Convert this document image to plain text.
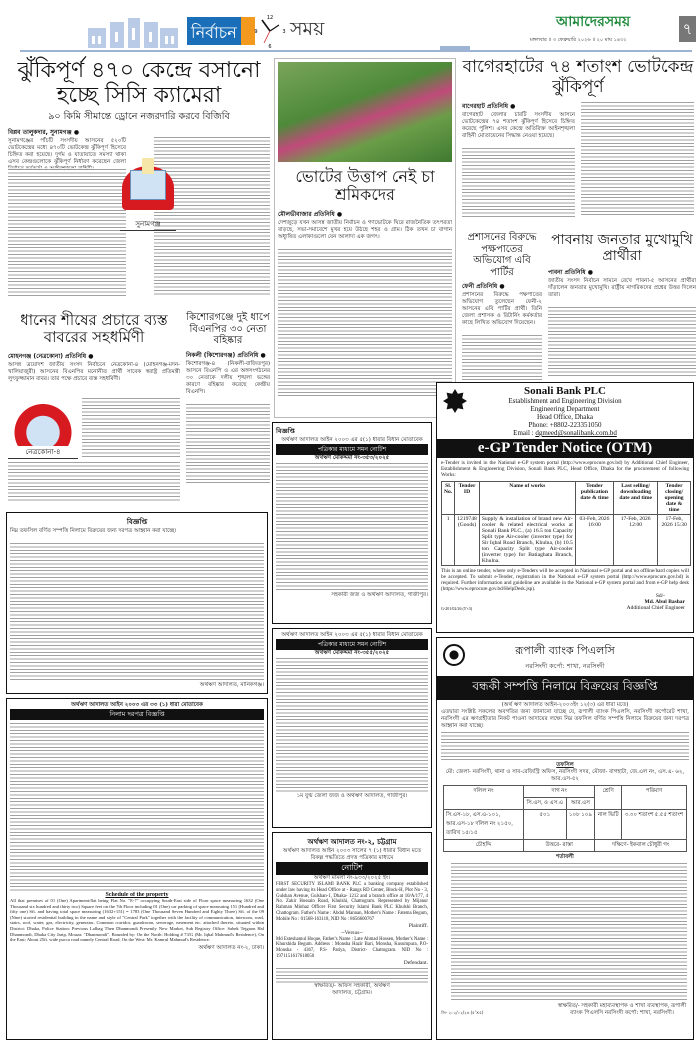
নির্বাচন
12
3
6
9 সময়	আমাদেরসময়	৭
মঙ্গলবার ॥ ৩ ফেব্রুয়ারি ২০২৬ ॥ ২০ মাঘ ১৪৩২
ঝুঁকিপূর্ণ ৪৭০ কেন্দ্রে বসানো হচ্ছে সিসি ক্যামেরা
৯০ কিমি সীমান্তে ড্রোনে নজরদারি করবে বিজিবি
বিপ্লব তালুকদার, সুনামগঞ্জ ●
সুনামগঞ্জের পাঁচটি সংসদীয় আসনের ৫২০টি ভোটকেন্দ্রের মধ্যে ৪৭০টি ভোটকেন্দ্র ঝুঁকিপূর্ণ হিসেবে চিহ্নিত করা হয়েছে। দুর্গম ও যাতায়াতে সমস্যা থাকা এসব কেন্দ্রগুলোকে ঝুঁকিপূর্ণ নির্ধারণ করেছেন জেলা
সুনামগঞ্জ
ভোটের উত্তাপ নেই চা শ্রমিকদের
মৌলভীবাজার প্রতিনিধি ●
দেশজুড়ে যখন আসন্ন জাতীয় নির্বাচন ও গণভোটকে ঘিরে রাজনৈতিক তৎপরতা বাড়ছে, সভা-সমাবেশে মুখর হয়ে উঠছে শহর ও গ্রাম। ঠিক তখন চা বাগান অধ্যুষিত এলাকাগুলো যেন আলাদা এক জগৎ।
বাগেরহাটের ৭৪ শতাংশ ভোটকেন্দ্র ঝুঁকিপূর্ণ
বাগেরহাট প্রতিনিধি ●
বাগেরহাট জেলার চারটি সংসদীয় আসনে ভোটকেন্দ্রের ৭৪ শতাংশ ঝুঁকিপূর্ণ হিসেবে চিহ্নিত করেছে পুলিশ। এসব কেন্দ্রে অতিরিক্ত আইনশৃঙ্খলা বাহিনী মোতায়েনের সিদ্ধান্ত নেওয়া হয়েছে।
প্রশাসনের বিরুদ্ধে পক্ষপাতের অভিযোগ এবি পার্টির
ফেনী প্রতিনিধি ●
প্রশাসনের বিরুদ্ধে পক্ষপাতের অভিযোগ তুলেছেন ফেনী-২ আসনের এবি পার্টির প্রার্থী। তিনি জেলা প্রশাসক ও রিটার্নিং কর্মকর্তার কাছে লিখিত অভিযোগ দিয়েছেন।
পাবনায় জনতার মুখোমুখি প্রার্থীরা
পাবনা প্রতিনিধি ●
জাতীয় সংসদ নির্বাচন সামনে রেখে পাবনা-৫ আসনের প্রার্থীরা দাঁড়ালেন জনতার মুখোমুখি। রাষ্ট্রীয় নাগরিকদের প্রশ্নের উত্তর দিলেন তারা।
ধানের শীষের প্রচারে ব্যস্ত বাবরের সহধর্মিণী
মোহনগঞ্জ (নেত্রকোনা) প্রতিনিধি ●
আসন্ন ত্রয়োদশ জাতীয় সংসদ নির্বাচনে নেত্রকোনা-৪ (মোহনগঞ্জ-মদন-খালিয়াজুরী) আসনের বিএনপির মনোনীত প্রার্থী সাবেক স্বরাষ্ট্র প্রতিমন্ত্রী লুৎফুজ্জামান বাবর। তার পক্ষে প্রচারে ব্যস্ত সহধর্মিণী।
নেত্রকোনা-৪
কিশোরগঞ্জে দুই ধাপে বিএনপির ৩০ নেতা বহিষ্কার
নিকলী (কিশোরগঞ্জ) প্রতিনিধি ●
কিশোরগঞ্জ-৪ (নিকলী-বাজিতপুর) আসনে বিএনপি ও এর অঙ্গসংগঠনের ৩০ নেতাকে দলীয় শৃঙ্খলা ভঙ্গের কারণে বহিষ্কার করেছে কেন্দ্রীয় বিএনপি।
বিজ্ঞপ্তি
নিম্ন তফসিল বর্ণিত সম্পত্তি নিলামে বিক্রয়ের জন্য দরপত্র আহ্বান করা যাচ্ছে।
অর্থঋণ আদালত, মানিকগঞ্জ।
বিজ্ঞপ্তি
অর্থঋণ আদালত আইন ২০০৩ এর ৫(১) ধারার বিধান মোতাবেক
পত্রিকার মাধ্যমে সমন নোটিশ
অর্থঋণ মোকদ্দমা নং-৩৫৩/২০২৫
সহকারী জজ ও অর্থঋণ আদালত, গাজীপুর।
অর্থঋণ আদালত আইন ২০০৩ এর ৫(১) ধারার বিধান মোতাবেক
পত্রিকার মাধ্যমে সমন নোটিশ
অর্থঋণ মোকদ্দমা নং-৩৫৫/২০২৫
১ম যুগ্ম জেলা জজ ও অর্থঋণ আদালত, গাজীপুর।
অর্থঋণ আদালত আইন ২০০৩ এর ৩৩ (১) ধারা মোতাবেক
নিলাম দরপত্র বিজ্ঞপ্তি
Schedule of the property
All that premises of 01 (One) Apartment/flat being Flat No. "E-7" occupying South-East side of Floor space measuring 1632 (One Thousand six hundred and thirty two) Square feet on the 7th Floor including 01 (One) car parking of space measuring 151 (Hundred and fifty one) Sft. and having total space measuring (1632+151) = 1783 (One Thousand Seven Hundred and Eighty Three) Sft. of the 09 (Nine) storied residential building in the name and style of "Central Park" together with the facility of communication, intercom, road, stairs, roof, water, gas, electricity, generator, Common corridor, guardroom, sewerage, easement etc. attached thereto, situated within District: Dhaka, Police Station: Previous Lalbag Then Dhanmondi Presently New Market, Sub Registry Office: Sabek Tejgaon Hal Dhanmondi, Dhaka City Jarip, Mouza: "Dhanmondi". Bounded by: On the North: Holding # 73/G (Mr. Iqbal Mahmud's Residence), On the East: About 25ft. wide pucca road namely Central Road, On the West: Mr. Kamrul Mahmud's Residence.
অর্থঋণ আদালত নং-২, ঢাকা।
অর্থঋণ আদালত নং-২, চট্টগ্রাম
অর্থঋণ আদালত আইন ২০০৩ সালের ৭ (১) ধারার বিধান মতে বিকল্প পদ্ধতিতে প্রদত্ত পত্রিকার মাধ্যমে
নোটিশ
অর্থঋণ মামলা নং-৯৩৩/২০২৫ ইং।
FIRST SECURITY ISLAMI BANK PLC a banking company established under law having its Head Office at - Rangs RD Center, Block-H, Plot No - 3, Gulshan Avenue, Gulshan-1, Dhaka- 1212 and a branch office at 10/A/177, 4 No. Zakir Hossain Road, Khulshi, Chattogram. Represented by Mijanur Rahman Minhaz Officer First Security Islami Bank PLC Khulshi Branch, Chattogram. Father's Name : Abdul Mannan, Mother's Name : Fatema Begum, Mobile No : 01568-163118, NID No : 8656600767
Plaintiff.
--Versus--
Md Esteshamul Hoque, Father's Name : Late Ahmad Hossen, Mother's Name : Khurshida Begum. Address : Monsha Hazir Bari, Monsha, Kusumpura, P.O- Monsha - 4367, P.S- Patiya, District- Chattogram. NID No : 1971151617618050
Defendant.
স্বাক্ষরিত/- অফিস সহকারী, অর্থঋণ আদালত, চট্টগ্রাম।
Sonali Bank PLC
Establishment and Engineering Division
Engineering Department
Head Office, Dhaka
Phone: +8802-223351050
Email : dgmeed@sonalibank.com.bd
e-GP Tender Notice (OTM)
e-Tender is invited in the National e-GP system portal (http://www.eprocure.gov.bd) by Additional Chief Engineer, Establishment & Engineering Division, Sonali Bank PLC, Head Office, Dhaka for the procurement of following Works:
Sl. No.	Tender ID	Name of works	Tender publication date & time	Last selling/ downloading date and time	Tender closing/ opening date & time
1	1219748 (Goods)	Supply & installation of brand new Air-cooler & related electrical works at Sonali Bank PLC., (a) 16.5 ton Capacity Split type Air-cooler (inverter type) for Sir Iqbal Road Branch, Khulna, (b) 10.5 ton Capacity Split type Air-cooler (inverter type) for Batiaghata Branch, Khulna.	03-Feb, 2026 16:00	17-Feb, 2026 12:00	17-Feb, 2026 15:30
This is an online tender, where only e-Tenders will be accepted in National e-GP portal and no offline/hard copies will be accepted. To submit e-Tender, registration in the National e-GP system portal (http://www.eprocure.gov.bd) is required. Further information and guideline are available in the National e-GP system portal and from e-GP help desk (https://www.eprocure.gov.bd/HelpDesk.jsp).
G-201/02/26 (5'×3)
Sd/-
Md. Abul Bashar
Additional Chief Engineer
রূপালী ব্যাংক পিএলসি
নরসিংদী কর্পো: শাখা, নরসিংদী
বন্ধকী সম্পত্তি নিলামে বিক্রয়ের বিজ্ঞপ্তি
(অর্থ ঋণ আদালত আইন-২০০৩ইং ১২(৩) এর ধারা মতে)
এতদ্বারা সংশ্লিষ্ট সকলের অবগতির জন্য জানানো যাচ্ছে যে, রূপালী ব্যাংক পিএলসি, নরসিংদী কর্পোরেট শাখা, নরসিংদী এর ঋণগ্রহীতার নিকট পাওনা আদায়ের লক্ষ্যে নিম্ন তফসিল বর্ণিত সম্পত্তি নিলামে বিক্রয়ের জন্য দরপত্র আহ্বান করা যাচ্ছে।
তফসিল
মৌ: জেলা- নরসিংদী, থানা ও সাব-রেজিস্ট্রি অফিস, নরসিংদী সদর, মৌজা- বাগহাটা, জে.এল নং, এস.এ- ৬২, আর.এস-৫২
দলিল নং	দাগ নং		শ্রেণি	পরিমাণ
	সি.এস, ও এস.এ	আর.এস		
সি.এস-১৮, এস.এ-১০১, আর.এস-১৮ দলিল নং ২১৫০, তারিখ ১৫/১৫	৫০১	১০৮ ১০৯	নাল ভিটি	৩.৩০ শতাংশ ৫.৫৫ শতাংশ
চৌহদ্দি	উত্তরে- রাস্তা		দক্ষিণে- ইকবাল চৌধুরী গং	
শর্তাবলী
জি- ২০২/০২/২৬ (৫'×৫)
স্বাক্ষরিত/- সহকারী মহাব্যবস্থাপক ও শাখা ব্যবস্থাপক, রূপালী ব্যাংক পিএলসি নরসিংদী কর্পো: শাখা, নরসিংদী।
